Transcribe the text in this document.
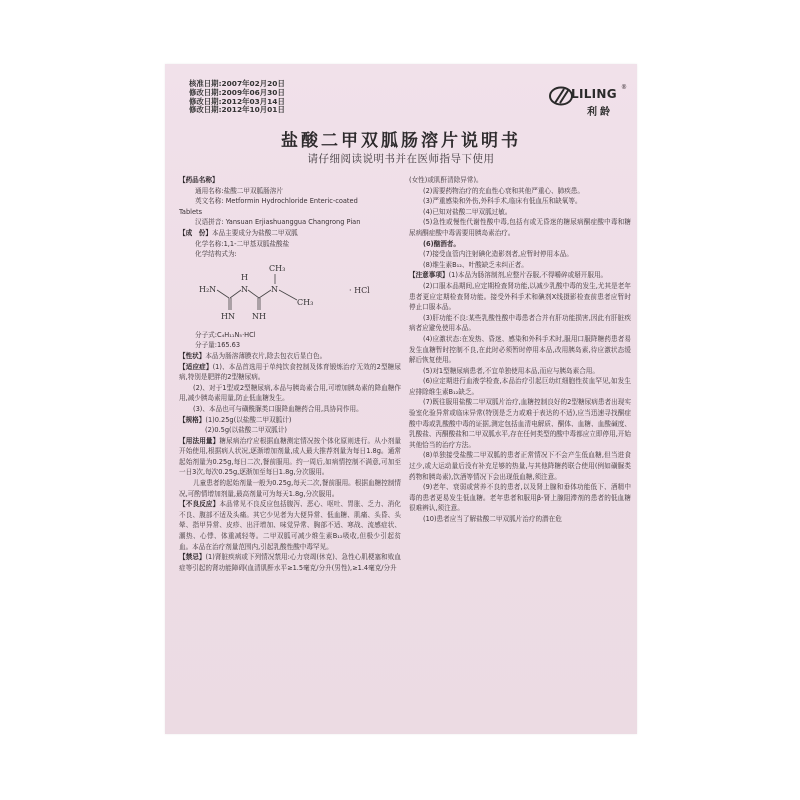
核准日期:2007年02月20日
修改日期:2009年06月30日
修改日期:2012年03月14日
修改日期:2012年10月01日
LILING ®
利龄
盐酸二甲双胍肠溶片说明书
请仔细阅读说明书并在医师指导下使用

【药品名称】

通用名称:盐酸二甲双胍肠溶片

英文名称: Metformin Hydrochloride Enteric-coated

Tablets

汉语拼音: Yansuan Erjiashuanggua Changrong Pian

【成　份】本品主要成分为盐酸二甲双胍

化学名称:1,1-二甲基双胍盐酸盐

化学结构式为:

H₂N
HN
H
N
NH
N
CH₃
CH₃
· HCl

分子式:C₄H₁₁N₅·HCl

分子量:165.63

【性状】本品为肠溶薄膜衣片,除去包衣后显白色。

【适应症】(1)、本品首选用于单纯饮食控制及体育锻炼治疗无效的2型糖尿病,特别是肥胖的2型糖尿病。

(2)、对于1型或2型糖尿病,本品与胰岛素合用,可增加胰岛素的降血糖作用,减少胰岛素用量,防止低血糖发生。

(3)、本品也可与磺酰脲类口服降血糖药合用,具协同作用。

【规格】(1)0.25g(以盐酸二甲双胍计)

(2)0.5g(以盐酸二甲双胍计)

【用法用量】糖尿病治疗应根据血糖测定情况按个体化原则进行。从小剂量开始使用,根据病人状况,逐渐增加剂量,成人最大推荐剂量为每日1.8g。通常起始剂量为0.25g,每日二次,餐前服用。约一周后,如病情控制不满意,可加至一日3次,每次0.25g,逐渐加至每日1.8g,分次服用。

儿童患者的起始剂量一般为0.25g,每天二次,餐前服用。根据血糖控制情况,可酌情增加剂量,最高剂量可为每天1.8g,分次服用。

【不良反应】本品常见不良反应包括腹泻、恶心、呕吐、胃胀、乏力、消化不良、腹部不适及头痛。其它少见者为大便异常、低血糖、肌痛、头昏、头晕、指甲异常、皮疹、出汗增加、味觉异常、胸部不适、寒战、流感症状、潮热、心悸、体重减轻等。二甲双胍可减少维生素B₁₂吸收,但极少引起贫血。本品在治疗剂量范围内,引起乳酸性酸中毒罕见。

【禁忌】(1)肾脏疾病或下列情况禁用:心力衰竭(休克)、急性心肌梗塞和败血症等引起的肾功能障碍(血清肌酐水平≥1.5毫克/分升(男性),≥1.4毫克/分升

(女性)或肌酐清除异常)。

(2)需要药物治疗的充血性心衰和其他严重心、肺疾患。

(3)严重感染和外伤,外科手术,临床有低血压和缺氧等。

(4)已知对盐酸二甲双胍过敏。

(5)急性或慢性代谢性酸中毒,包括有或无昏迷的糖尿病酮症酸中毒和糖尿病酮症酸中毒需要用胰岛素治疗。

(6)酗酒者。

(7)接受血管内注射碘化造影剂者,应暂时停用本品。

(8)维生素B₁₂、叶酸缺乏未纠正者。

【注意事项】(1)本品为肠溶制剂,应整片吞服,不得嚼碎或掰开服用。

(2)口服本品期间,应定期检查肾功能,以减少乳酸中毒的发生,尤其是老年患者更应定期检查肾功能。接受外科手术和碘剂X线摄影检查前患者应暂时停止口服本品。

(3)肝功能不良:某些乳酸性酸中毒患者合并有肝功能损害,因此有肝脏疾病者应避免使用本品。

(4)应激状态:在发热、昏迷、感染和外科手术时,服用口服降糖药患者易发生血糖暂时控制不良,在此时必须暂时停用本品,改用胰岛素,待应激状态缓解后恢复使用。

(5)对1型糖尿病患者,不宜单独使用本品,而应与胰岛素合用。

(6)应定期进行血液学检查,本品治疗引起巨幼红细胞性贫血罕见,如发生应排除维生素B₁₂缺乏。

(7)既往服用盐酸二甲双胍片治疗,血糖控制良好的2型糖尿病患者出现实验室化验异常或临床异常(特别是乏力或难于表达的不适),应当迅速寻找酮症酸中毒或乳酸酸中毒的证据,测定包括血清电解质、酮体、血糖、血酸碱度、乳酸盐、丙酮酸盐和二甲双胍水平,存在任何类型的酸中毒都应立即停用,开始其他恰当的治疗方法。

(8)单独接受盐酸二甲双胍的患者正常情况下不会产生低血糖,但当进食过少,或大运动量后没有补充足够的热量,与其他降糖药联合使用(例如磺脲类药物和胰岛素),饮酒等情况下会出现低血糖,须注意。

(9)老年、衰弱或营养不良的患者,以及肾上腺和垂体功能低下、酒精中毒的患者更易发生低血糖。老年患者和服用β-肾上腺阻滞剂的患者的低血糖很难辨认,须注意。

(10)患者应当了解盐酸二甲双胍片治疗的潜在危
